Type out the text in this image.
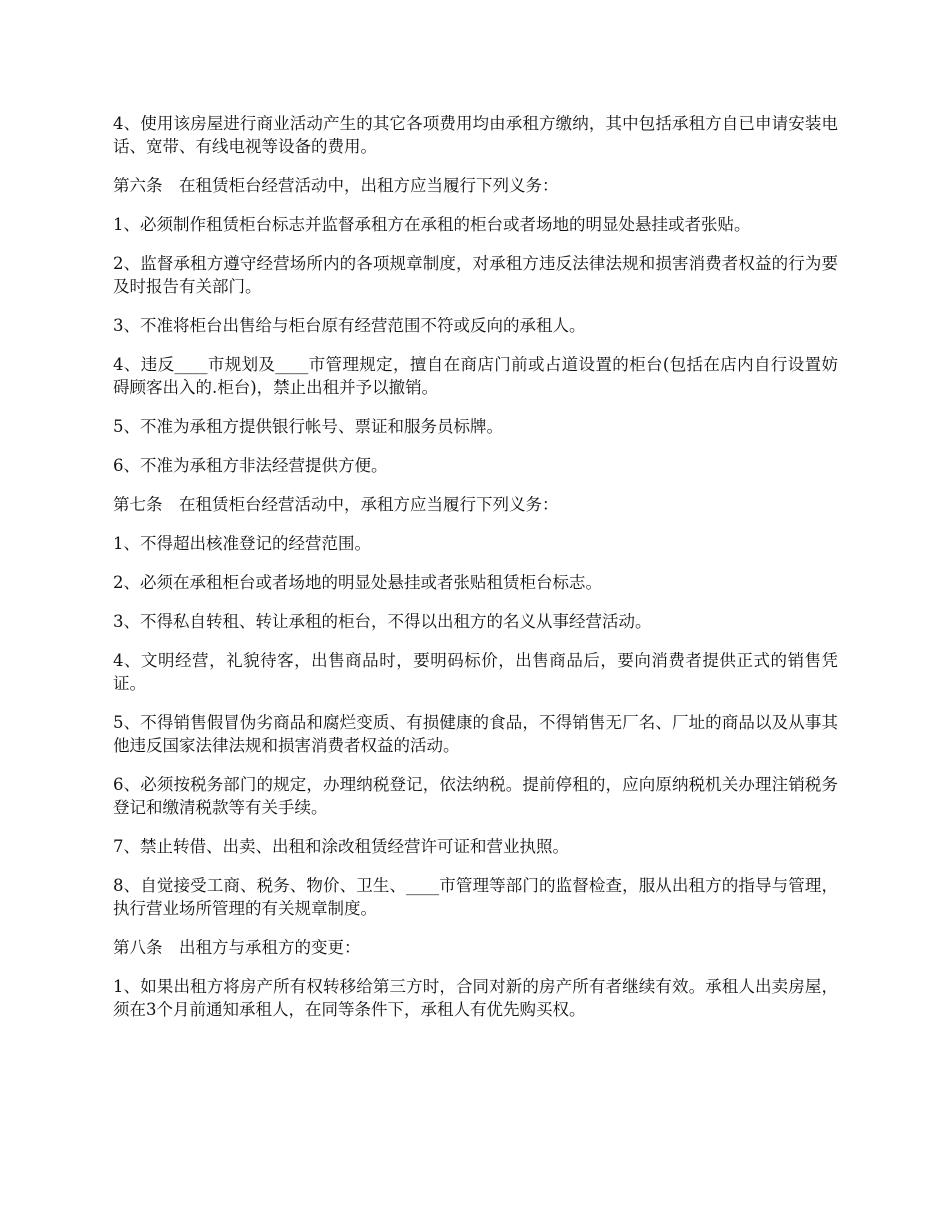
4、使用该房屋进行商业活动产生的其它各项费用均由承租方缴纳，其中包括承租方自已申请安装电话、宽带、有线电视等设备的费用。

第六条　在租赁柜台经营活动中，出租方应当履行下列义务：

1、必须制作租赁柜台标志并监督承租方在承租的柜台或者场地的明显处悬挂或者张贴。

2、监督承租方遵守经营场所内的各项规章制度，对承租方违反法律法规和损害消费者权益的行为要及时报告有关部门。

3、不准将柜台出售给与柜台原有经营范围不符或反向的承租人。

4、违反____市规划及____市管理规定，擅自在商店门前或占道设置的柜台(包括在店内自行设置妨碍顾客出入的.柜台)，禁止出租并予以撤销。

5、不准为承租方提供银行帐号、票证和服务员标牌。

6、不准为承租方非法经营提供方便。

第七条　在租赁柜台经营活动中，承租方应当履行下列义务：

1、不得超出核准登记的经营范围。

2、必须在承租柜台或者场地的明显处悬挂或者张贴租赁柜台标志。

3、不得私自转租、转让承租的柜台，不得以出租方的名义从事经营活动。

4、文明经营，礼貌待客，出售商品时，要明码标价，出售商品后，要向消费者提供正式的销售凭证。

5、不得销售假冒伪劣商品和腐烂变质、有损健康的食品，不得销售无厂名、厂址的商品以及从事其他违反国家法律法规和损害消费者权益的活动。

6、必须按税务部门的规定，办理纳税登记，依法纳税。提前停租的，应向原纳税机关办理注销税务登记和缴清税款等有关手续。

7、禁止转借、出卖、出租和涂改租赁经营许可证和营业执照。

8、自觉接受工商、税务、物价、卫生、____市管理等部门的监督检查，服从出租方的指导与管理，执行营业场所管理的有关规章制度。

第八条　出租方与承租方的变更：

1、如果出租方将房产所有权转移给第三方时，合同对新的房产所有者继续有效。承租人出卖房屋，须在3个月前通知承租人，在同等条件下，承租人有优先购买权。
